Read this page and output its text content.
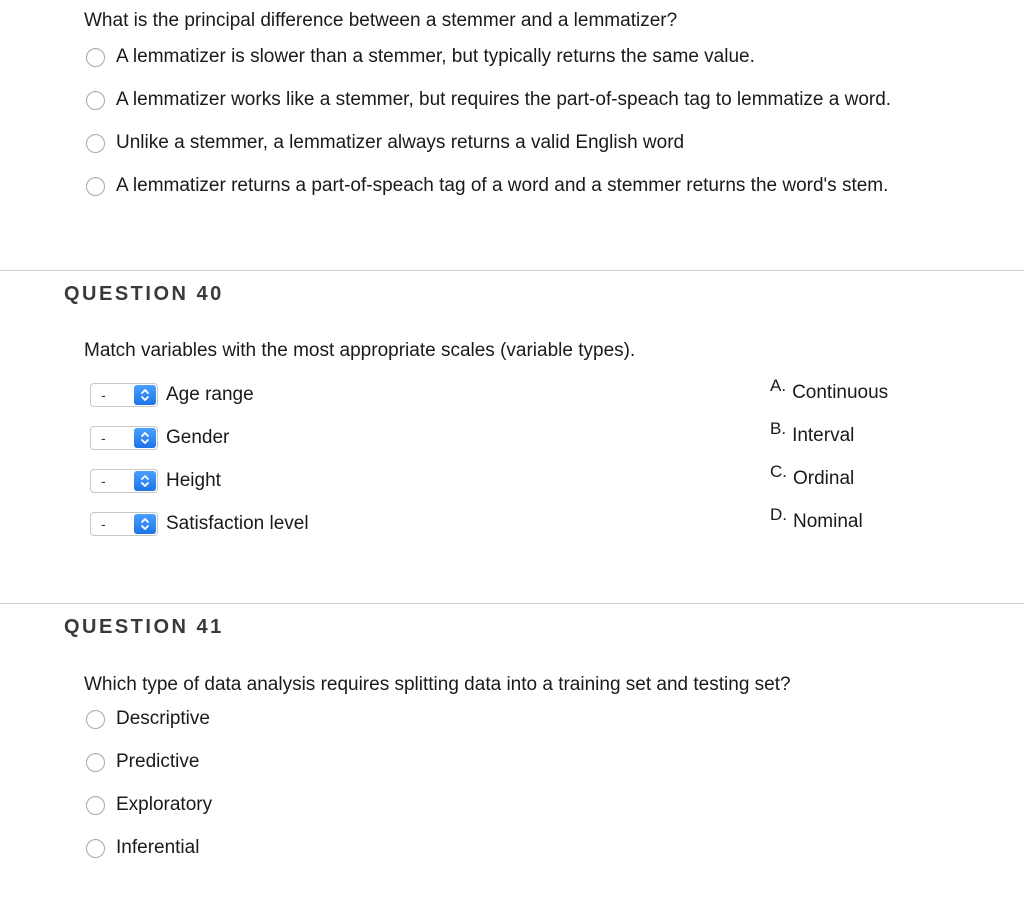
What is the principal difference between a stemmer and a lemmatizer?
A lemmatizer is slower than a stemmer, but typically returns the same value.
A lemmatizer works like a stemmer, but requires the part-of-speach tag to lemmatize a word.
Unlike a stemmer, a lemmatizer always returns a valid English word
A lemmatizer returns a part-of-speach tag of a word and a stemmer returns the word's stem.
QUESTION 40
Match variables with the most appropriate scales (variable types).
-	Age range
-	Gender
-	Height
-	Satisfaction level
A. Continuous
B. Interval
C. Ordinal
D. Nominal
QUESTION 41
Which type of data analysis requires splitting data into a training set and testing set?
Descriptive
Predictive
Exploratory
Inferential
